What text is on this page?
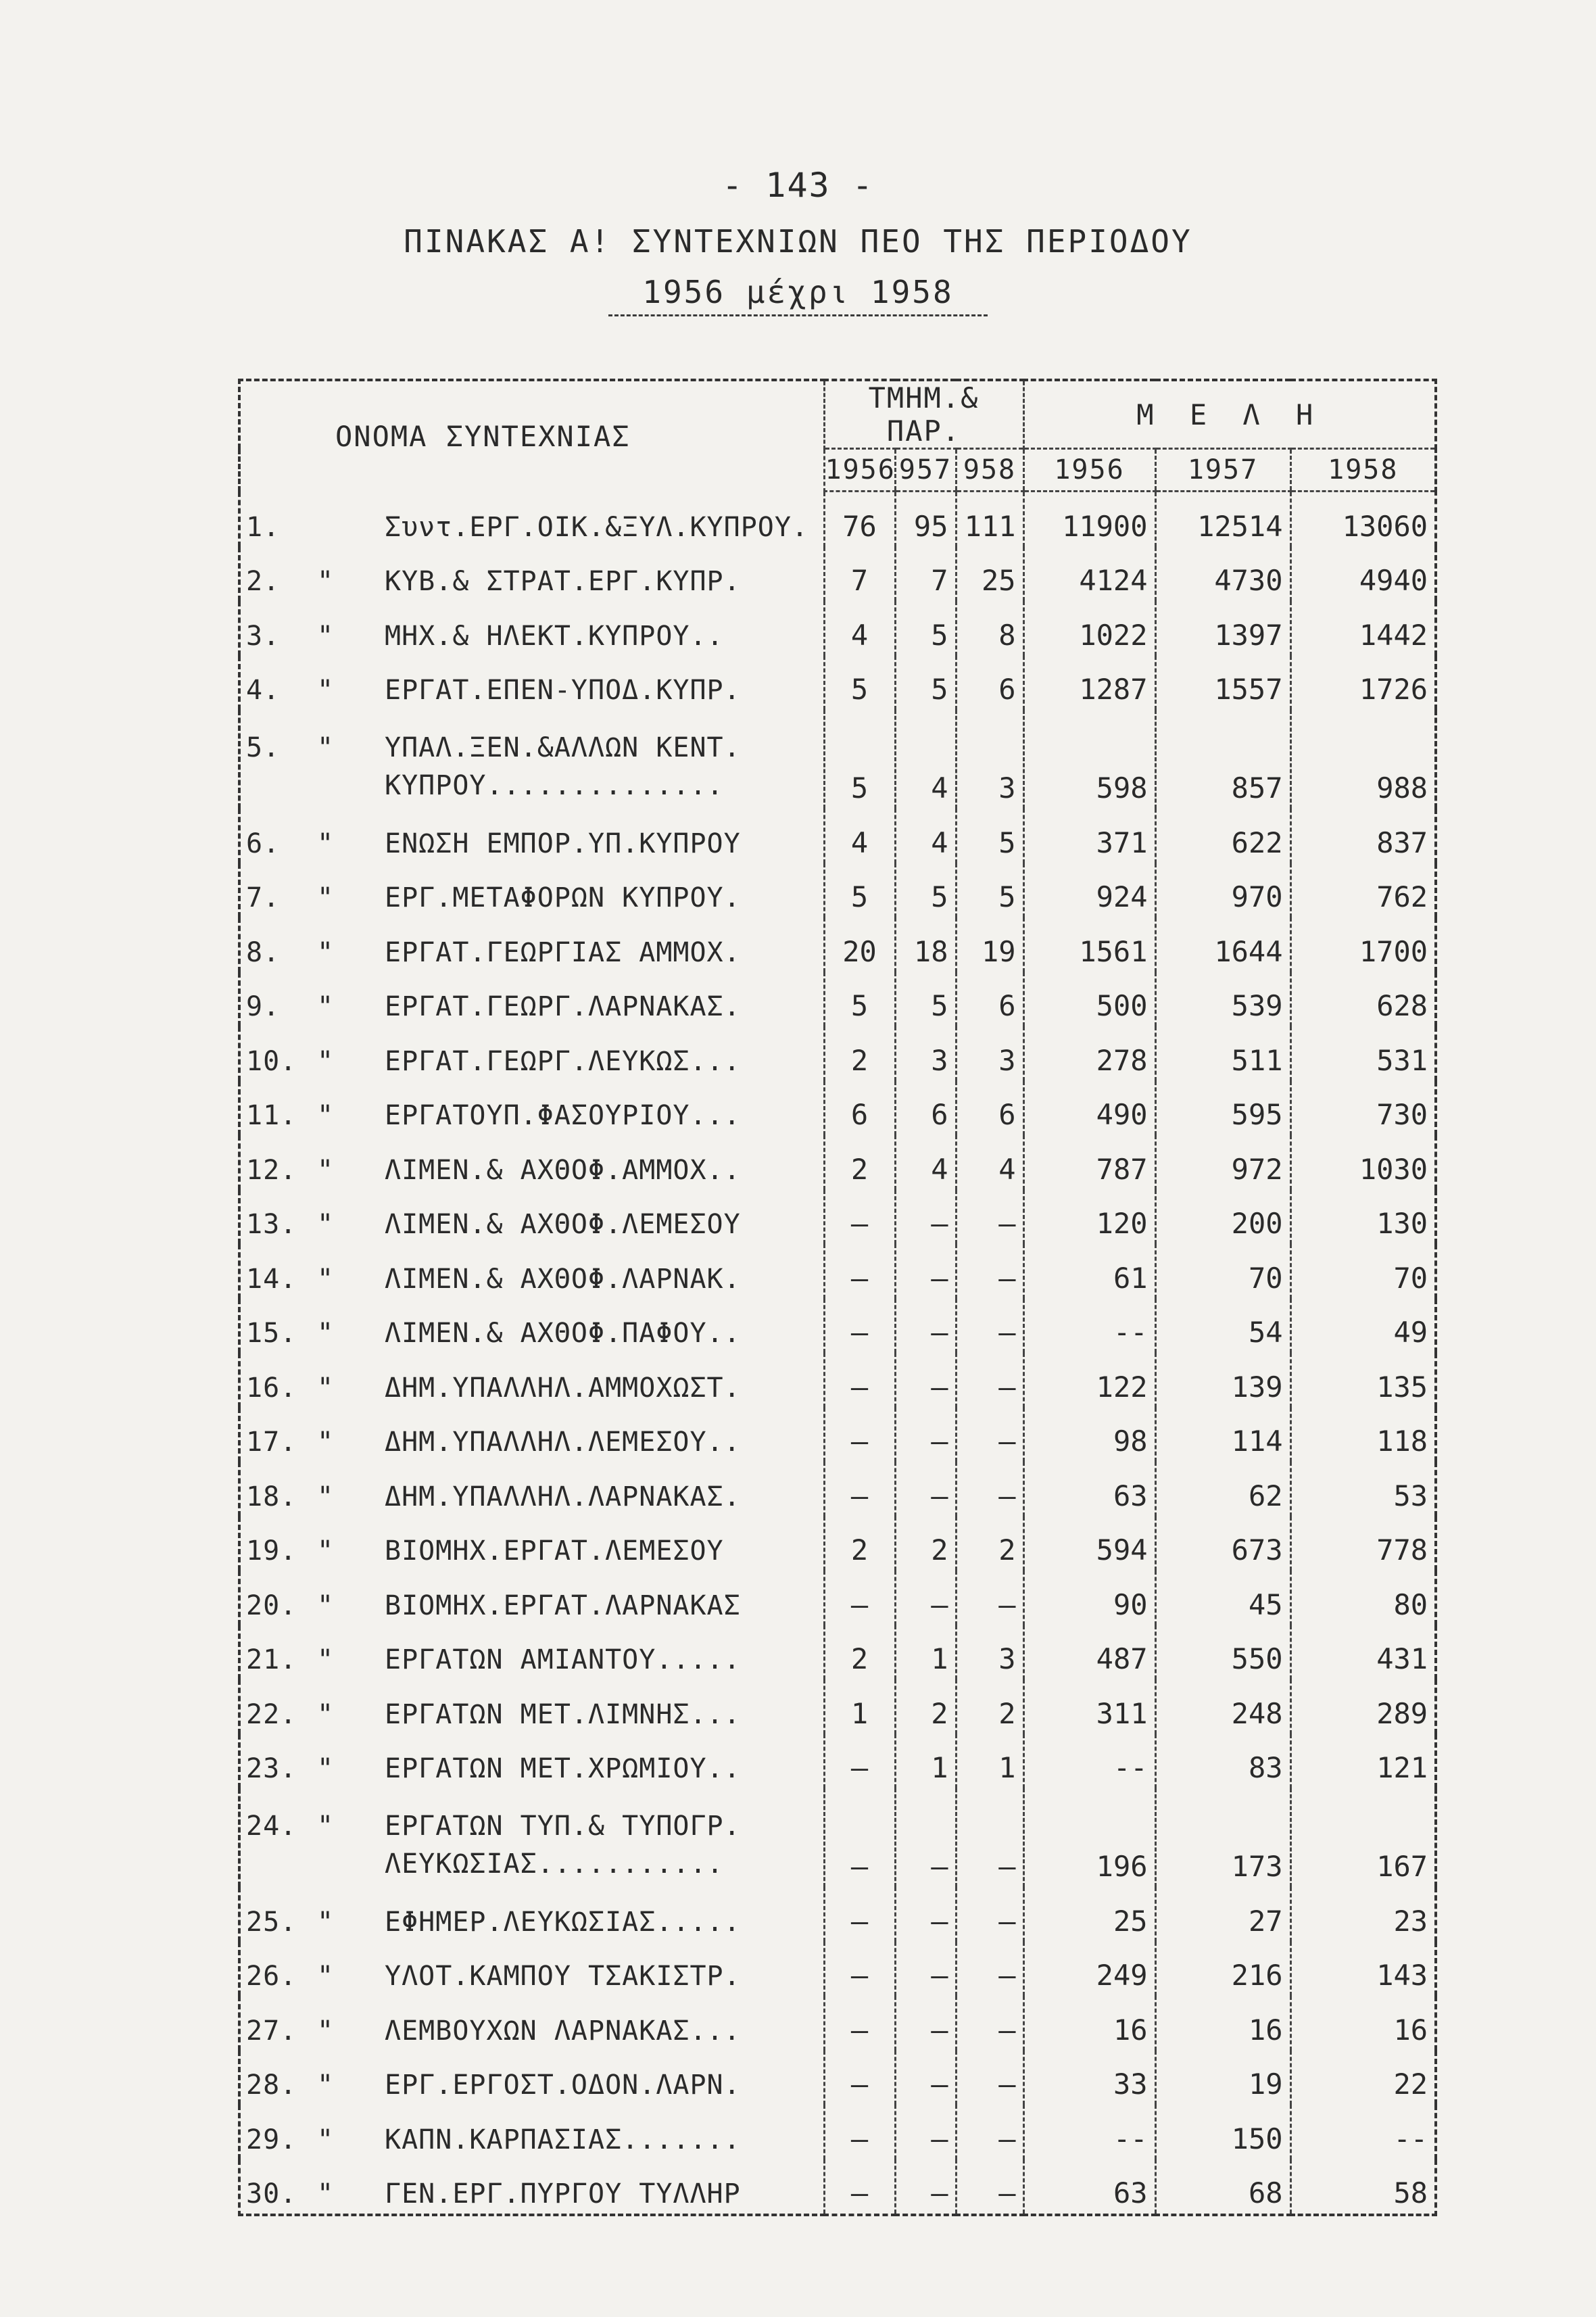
- 143 -
ΠΙΝΑΚΑΣ Α! ΣΥΝΤΕΧΝΙΩΝ ΠΕΟ ΤΗΣ ΠΕΡΙΟΔΟΥ
1956 μέχρι 1958
ΟΝΟΜΑ ΣΥΝΤΕΧΝΙΑΣ	ΤΜΗΜ.& ΠΑΡ.			Μ Ε Λ Η		
	1956	957	958	1956	1957	1958

1. Συντ.ΕΡΓ.ΟΙΚ.&ΞΥΛ.ΚΥΠΡΟΥ.	76	95	111	11900	12514	13060

2. " ΚΥΒ.& ΣΤΡΑΤ.ΕΡΓ.ΚΥΠΡ.	7	7	25	4124	4730	4940

3. " ΜΗΧ.& ΗΛΕΚΤ.ΚΥΠΡΟΥ..	4	5	8	1022	1397	1442

4. " ΕΡΓΑΤ.ΕΠΕΝ-ΥΠΟΔ.ΚΥΠΡ.	5	5	6	1287	1557	1726

5. " ΥΠΑΛ.ΞΕΝ.&ΑΛΛΩΝ ΚΕΝΤ. ΚΥΠΡΟΥ..............	5	4	3	598	857	988

6. " ΕΝΩΣΗ ΕΜΠΟΡ.ΥΠ.ΚΥΠΡΟΥ	4	4	5	371	622	837

7. " ΕΡΓ.ΜΕΤΑΦΟΡΩΝ ΚΥΠΡΟΥ.	5	5	5	924	970	762

8. " ΕΡΓΑΤ.ΓΕΩΡΓΙΑΣ ΑΜΜΟΧ.	20	18	19	1561	1644	1700

9. " ΕΡΓΑΤ.ΓΕΩΡΓ.ΛΑΡΝΑΚΑΣ.	5	5	6	500	539	628

10. " ΕΡΓΑΤ.ΓΕΩΡΓ.ΛΕΥΚΩΣ...	2	3	3	278	511	531

11. " ΕΡΓΑΤΟΥΠ.ΦΑΣΟΥΡΙΟΥ...	6	6	6	490	595	730

12. " ΛΙΜΕΝ.& ΑΧΘΟΦ.ΑΜΜΟΧ..	2	4	4	787	972	1030

13. " ΛΙΜΕΝ.& ΑΧΘΟΦ.ΛΕΜΕΣΟΥ	–	–	–	120	200	130

14. " ΛΙΜΕΝ.& ΑΧΘΟΦ.ΛΑΡΝΑΚ.	–	–	–	61	70	70

15. " ΛΙΜΕΝ.& ΑΧΘΟΦ.ΠΑΦΟΥ..	–	–	–	--	54	49

16. " ΔΗΜ.ΥΠΑΛΛΗΛ.ΑΜΜΟΧΩΣΤ.	–	–	–	122	139	135

17. " ΔΗΜ.ΥΠΑΛΛΗΛ.ΛΕΜΕΣΟΥ..	–	–	–	98	114	118

18. " ΔΗΜ.ΥΠΑΛΛΗΛ.ΛΑΡΝΑΚΑΣ.	–	–	–	63	62	53

19. " ΒΙΟΜΗΧ.ΕΡΓΑΤ.ΛΕΜΕΣΟΥ	2	2	2	594	673	778

20. " ΒΙΟΜΗΧ.ΕΡΓΑΤ.ΛΑΡΝΑΚΑΣ	–	–	–	90	45	80

21. " ΕΡΓΑΤΩΝ ΑΜΙΑΝΤΟΥ.....	2	1	3	487	550	431

22. " ΕΡΓΑΤΩΝ ΜΕΤ.ΛΙΜΝΗΣ...	1	2	2	311	248	289

23. " ΕΡΓΑΤΩΝ ΜΕΤ.ΧΡΩΜΙΟΥ..	–	1	1	--	83	121

24. " ΕΡΓΑΤΩΝ ΤΥΠ.& ΤΥΠΟΓΡ. ΛΕΥΚΩΣΙΑΣ...........	–	–	–	196	173	167

25. " ΕΦΗΜΕΡ.ΛΕΥΚΩΣΙΑΣ.....	–	–	–	25	27	23

26. " ΥΛΟΤ.ΚΑΜΠΟΥ ΤΣΑΚΙΣΤΡ.	–	–	–	249	216	143

27. " ΛΕΜΒΟΥΧΩΝ ΛΑΡΝΑΚΑΣ...	–	–	–	16	16	16

28. " ΕΡΓ.ΕΡΓΟΣΤ.ΟΔΟΝ.ΛΑΡΝ.	–	–	–	33	19	22

29. " ΚΑΠΝ.ΚΑΡΠΑΣΙΑΣ.......	–	–	–	--	150	--

30. " ΓΕΝ.ΕΡΓ.ΠΥΡΓΟΥ ΤΥΛΛΗΡ	–	–	–	63	68	58
